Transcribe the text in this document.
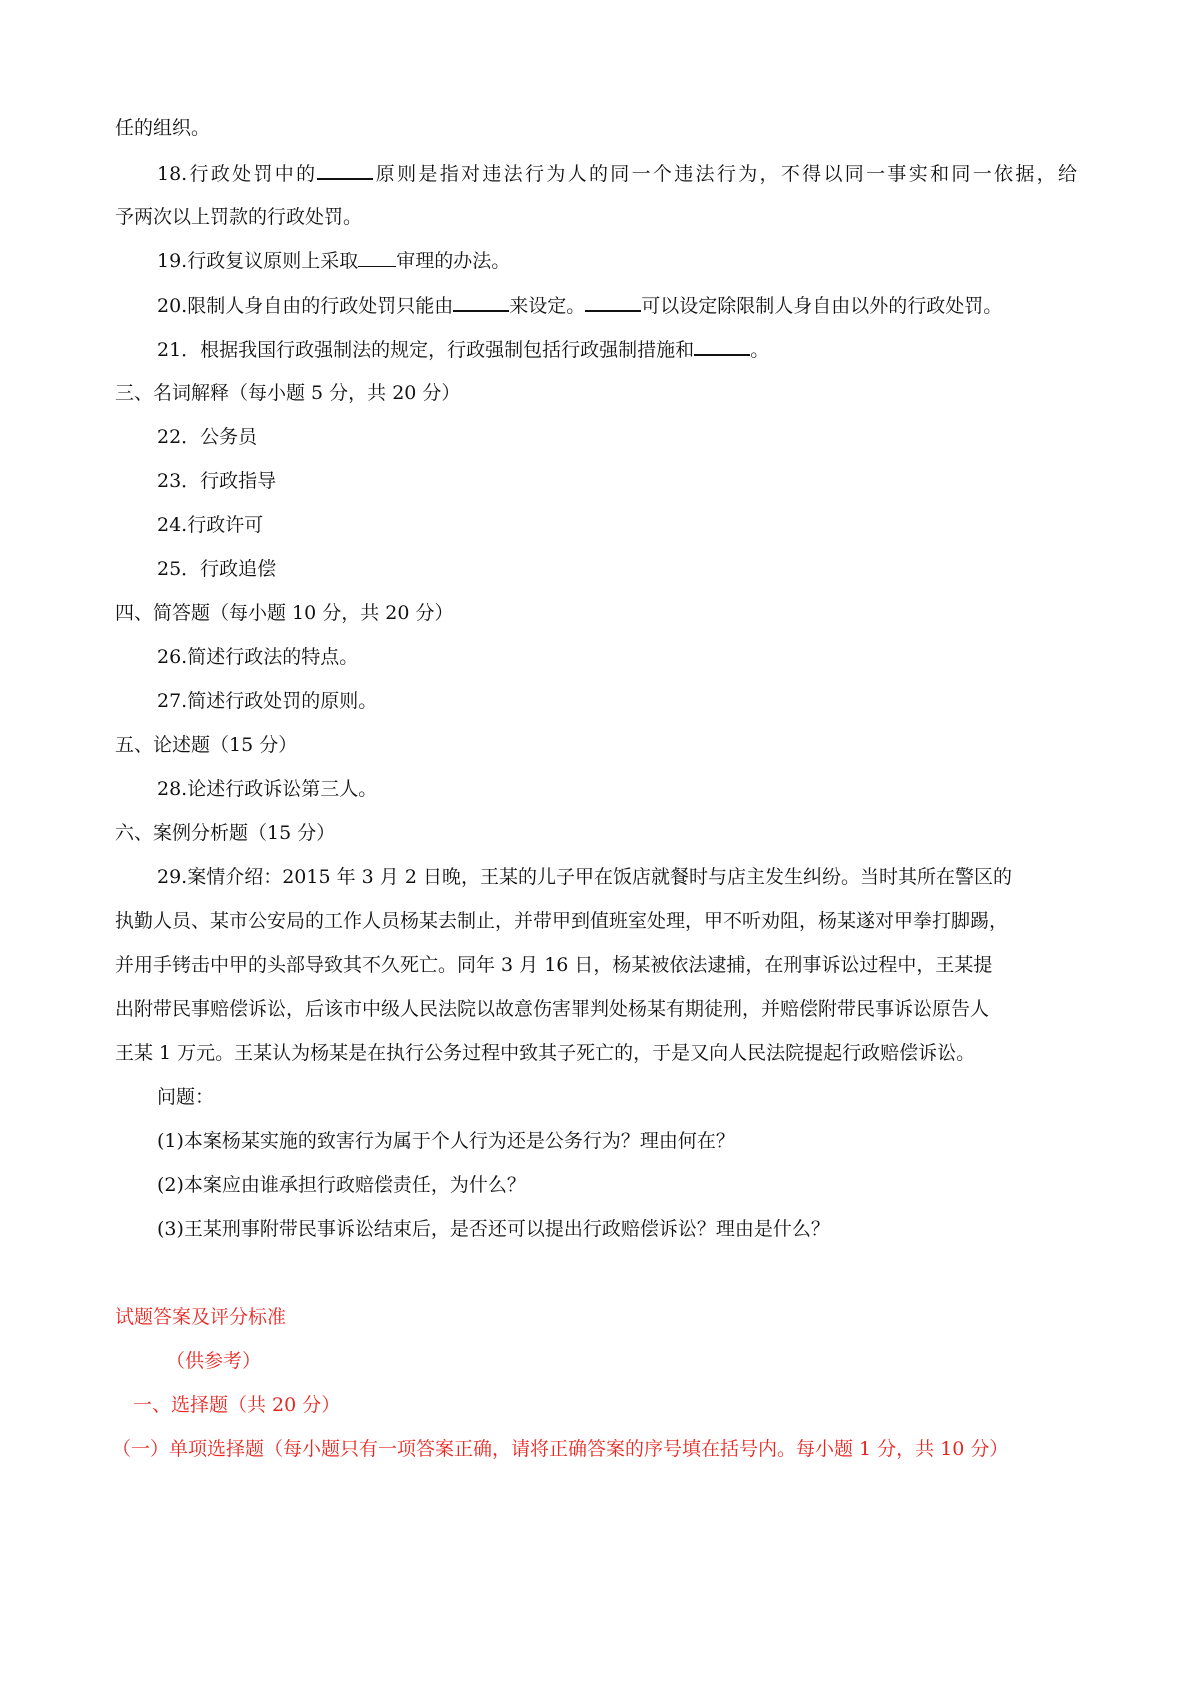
任的组织。
18.行政处罚中的	原则是指对违法行为人的同一个违法行为，不得以同一事实和同一依据，给
予两次以上罚款的行政处罚。
19.行政复议原则上采取 审理的办法。
20.限制人身自由的行政处罚只能由	来设定。	可以设定除限制人身自由以外的行政处罚。
21．根据我国行政强制法的规定，行政强制包括行政强制措施和	。
三、名词解释（每小题 5 分，共 20 分）
22．公务员
23．行政指导
24.行政许可
25．行政追偿
四、简答题（每小题 10 分，共 20 分）
26.简述行政法的特点。
27.简述行政处罚的原则。
五、论述题（15 分）
28.论述行政诉讼第三人。
六、案例分析题（15 分）
29.案情介绍：2015 年 3 月 2 日晚，王某的儿子甲在饭店就餐时与店主发生纠纷。当时其所在警区的
执勤人员、某市公安局的工作人员杨某去制止，并带甲到值班室处理，甲不听劝阻，杨某遂对甲拳打脚踢，
并用手铐击中甲的头部导致其不久死亡。同年 3 月 16 日，杨某被依法逮捕，在刑事诉讼过程中，王某提
出附带民事赔偿诉讼，后该市中级人民法院以故意伤害罪判处杨某有期徒刑，并赔偿附带民事诉讼原告人
王某 1 万元。王某认为杨某是在执行公务过程中致其子死亡的，于是又向人民法院提起行政赔偿诉讼。
问题：
(1)本案杨某实施的致害行为属于个人行为还是公务行为？理由何在？
(2)本案应由谁承担行政赔偿责任，为什么？
(3)王某刑事附带民事诉讼结束后，是否还可以提出行政赔偿诉讼？理由是什么？
试题答案及评分标准
（供参考）
一、选择题（共 20 分）
（一）单项选择题（每小题只有一项答案正确，请将正确答案的序号填在括号内。每小题 1 分，共 10 分）
